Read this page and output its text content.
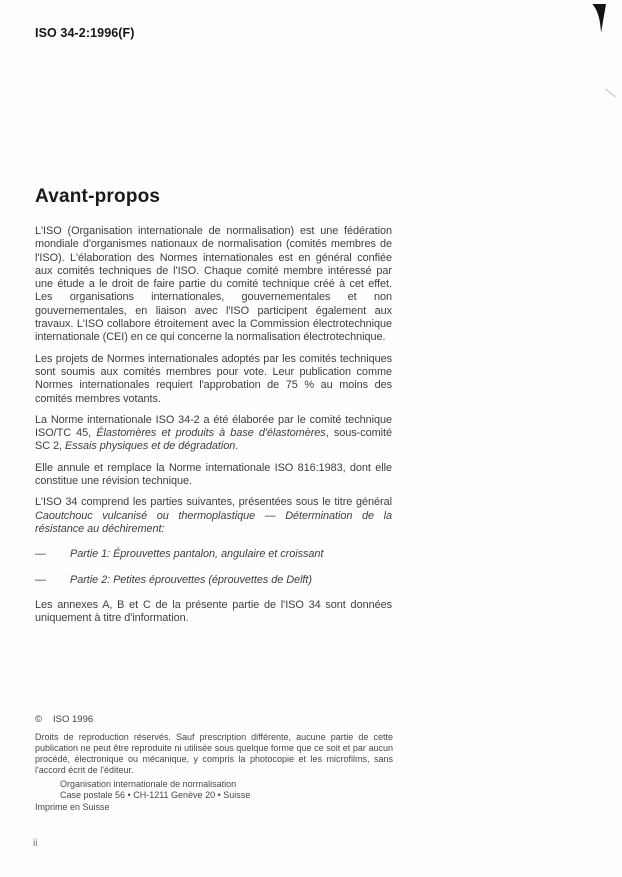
ISO 34-2:1996(F)
Avant-propos

L'ISO (Organisation internationale de normalisation) est une fédération mondiale d'organismes nationaux de normalisation (comités membres de l'ISO). L'élaboration des Normes internationales est en général confiée aux comités techniques de l'ISO. Chaque comité membre intéressé par une étude a le droit de faire partie du comité technique créé à cet effet. Les organisations internationales, gouvernementales et non gouvernementales, en liaison avec l'ISO participent également aux travaux. L'ISO collabore étroitement avec la Commission électrotechnique internationale (CEI) en ce qui concerne la normalisation électrotechnique.

Les projets de Normes internationales adoptés par les comités techniques sont soumis aux comités membres pour vote. Leur publication comme Normes internationales requiert l'approbation de 75 % au moins des comités membres votants.

La Norme internationale ISO 34-2 a été élaborée par le comité technique ISO/TC 45, Élastomères et produits à base d'élastomères, sous-comité SC 2, Essais physiques et de dégradation.

Elle annule et remplace la Norme internationale ISO 816:1983, dont elle constitue une révision technique.

L'ISO 34 comprend les parties suivantes, présentées sous le titre général Caoutchouc vulcanisé ou thermoplastique — Détermination de la résistance au déchirement:

—	Partie 1: Éprouvettes pantalon, angulaire et croissant
—	Partie 2: Petites éprouvettes (éprouvettes de Delft)

Les annexes A, B et C de la présente partie de l'ISO 34 sont données uniquement à titre d'information.

© ISO 1996

Droits de reproduction réservés. Sauf prescription différente, aucune partie de cette publication ne peut être reproduite ni utilisée sous quelque forme que ce soit et par aucun procédé, électronique ou mécanique, y compris la photocopie et les microfilms, sans l'accord écrit de l'éditeur.

Organisation internationale de normalisation
Case postale 56 • CH-1211 Genève 20 • Suisse
Imprime en Suisse
ii
